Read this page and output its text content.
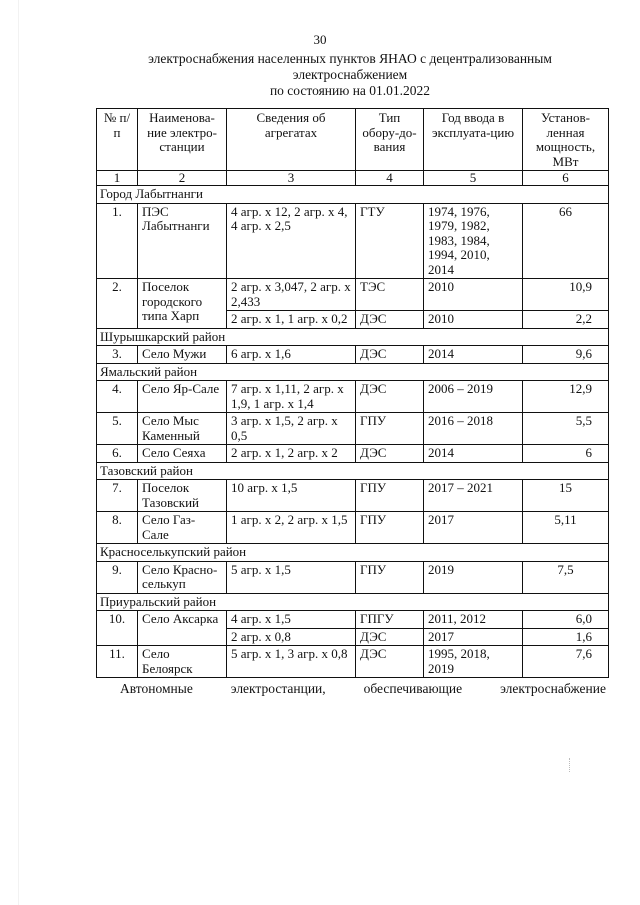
30
электроснабжения населенных пунктов ЯНАО с децентрализованным
электроснабжением
по состоянию на 01.01.2022
№ п/п	Наименова-ние электро-станции	Сведения об агрегатах	Тип обору-до-вания	Год ввода в эксплуата-цию	Установ-ленная мощность, МВт
1	2	3	4	5	6
Город Лабытнанги					
1.	ПЭС Лабытнанги	4 агр. х 12, 2 агр. х 4, 4 агр. х 2,5	ГТУ	1974, 1976, 1979, 1982, 1983, 1984, 1994, 2010, 2014	66
2.	Поселок городского типа Харп	2 агр. х 3,047, 2 агр. х 2,433	ТЭС	2010	10,9
		2 агр. х 1, 1 агр. х 0,2	ДЭС	2010	2,2
Шурышкарский район					
3.	Село Мужи	6 агр. х 1,6	ДЭС	2014	9,6
Ямальский район					
4.	Село Яр-Сале	7 агр. х 1,11, 2 агр. х 1,9, 1 агр. х 1,4	ДЭС	2006 – 2019	12,9
5.	Село Мыс Каменный	3 агр. х 1,5, 2 агр. х 0,5	ГПУ	2016 – 2018	5,5
6.	Село Сеяха	2 агр. х 1, 2 агр. х 2	ДЭС	2014	6
Тазовский район					
7.	Поселок Тазовский	10 агр. х 1,5	ГПУ	2017 – 2021	15
8.	Село Газ-Сале	1 агр. х 2, 2 агр. х 1,5	ГПУ	2017	5,11
Красноселькупский район					
9.	Село Красно-селькуп	5 агр. х 1,5	ГПУ	2019	7,5
Приуральский район					
10.	Село Аксарка	4 агр. х 1,5	ГПГУ	2011, 2012	6,0
		2 агр. х 0,8	ДЭС	2017	1,6
11.	Село Белоярск	5 агр. х 1, 3 агр. х 0,8	ДЭС	1995, 2018, 2019	7,6
Автономные	электростанции,	обеспечивающие	электроснабжение
